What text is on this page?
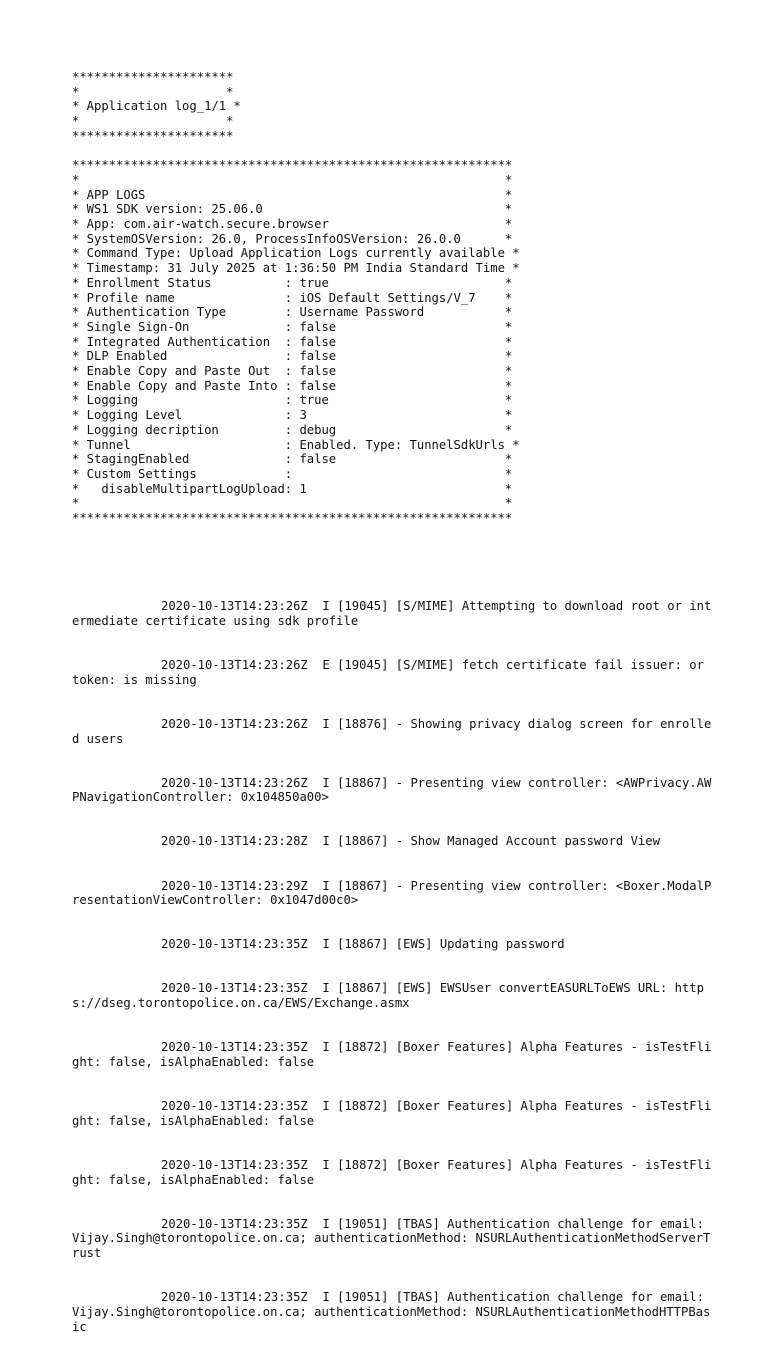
**********************
*                    *
* Application log_1/1 *
*                    *
**********************
************************************************************
*                                                          *
* APP LOGS                                                 *
* WS1 SDK version: 25.06.0                                 *
* App: com.air-watch.secure.browser                        *
* SystemOSVersion: 26.0, ProcessInfoOSVersion: 26.0.0      *
* Command Type: Upload Application Logs currently available *
* Timestamp: 31 July 2025 at 1:36:50 PM India Standard Time *
* Enrollment Status          : true                        *
* Profile name               : iOS Default Settings/V_7    *
* Authentication Type        : Username Password           *
* Single Sign-On             : false                       *
* Integrated Authentication  : false                       *
* DLP Enabled                : false                       *
* Enable Copy and Paste Out  : false                       *
* Enable Copy and Paste Into : false                       *
* Logging                    : true                        *
* Logging Level              : 3                           *
* Logging decription         : debug                       *
* Tunnel                     : Enabled. Type: TunnelSdkUrls *
* StagingEnabled             : false                       *
* Custom Settings            :                             *
*   disableMultipartLogUpload: 1                           *
*                                                          *
************************************************************

2020-10-13T14:23:26Z  I [19045] [S/MIME] Attempting to download root or intermediate certificate using sdk profile

2020-10-13T14:23:26Z  E [19045] [S/MIME] fetch certificate fail issuer: or token: is missing

2020-10-13T14:23:26Z  I [18876] - Showing privacy dialog screen for enrolled users

2020-10-13T14:23:26Z  I [18867] - Presenting view controller: <AWPrivacy.AWPNavigationController: 0x104850a00>

2020-10-13T14:23:28Z  I [18867] - Show Managed Account password View

2020-10-13T14:23:29Z  I [18867] - Presenting view controller: <Boxer.ModalPresentationViewController: 0x1047d00c0>

2020-10-13T14:23:35Z  I [18867] [EWS] Updating password

2020-10-13T14:23:35Z  I [18867] [EWS] EWSUser convertEASURLToEWS URL: https://dseg.torontopolice.on.ca/EWS/Exchange.asmx

2020-10-13T14:23:35Z  I [18872] [Boxer Features] Alpha Features - isTestFlight: false, isAlphaEnabled: false

2020-10-13T14:23:35Z  I [18872] [Boxer Features] Alpha Features - isTestFlight: false, isAlphaEnabled: false

2020-10-13T14:23:35Z  I [18872] [Boxer Features] Alpha Features - isTestFlight: false, isAlphaEnabled: false

2020-10-13T14:23:35Z  I [19051] [TBAS] Authentication challenge for email: Vijay.Singh@torontopolice.on.ca; authenticationMethod: NSURLAuthenticationMethodServerTrust

2020-10-13T14:23:35Z  I [19051] [TBAS] Authentication challenge for email: Vijay.Singh@torontopolice.on.ca; authenticationMethod: NSURLAuthenticationMethodHTTPBasic
